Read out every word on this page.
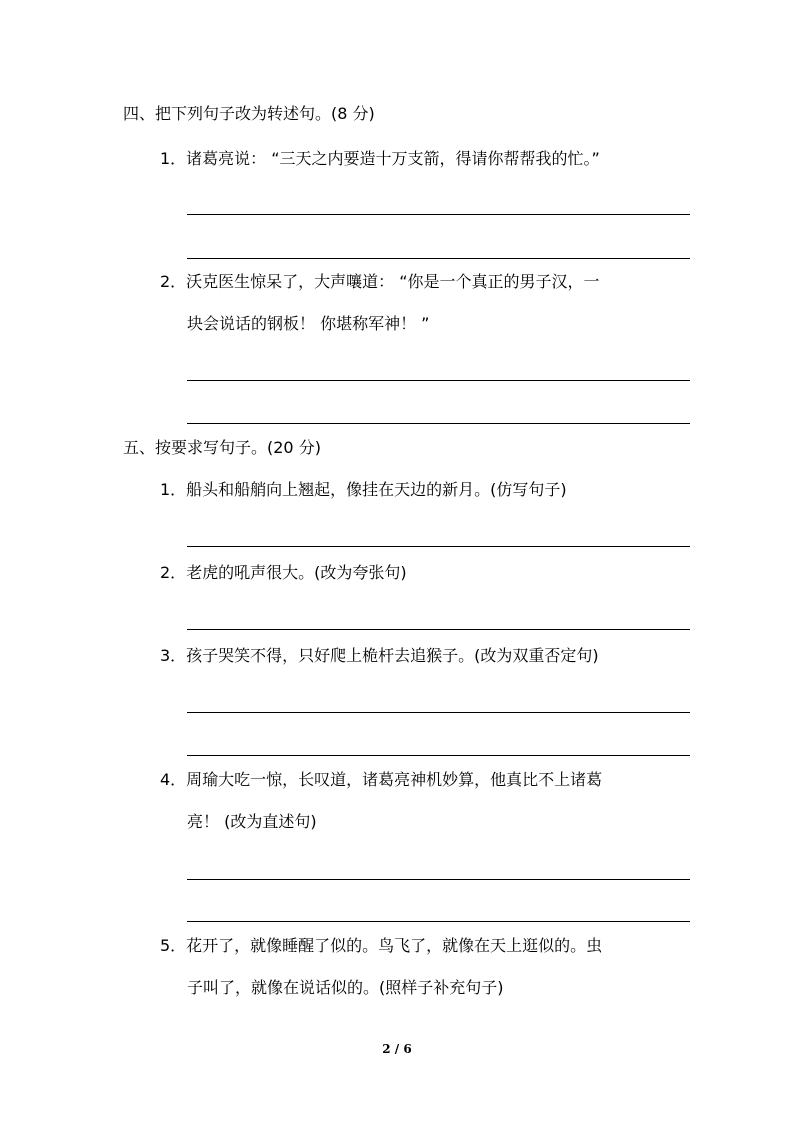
四、把下列句子改为转述句。(8 分)
1．诸葛亮说： “三天之内要造十万支箭，得请你帮帮我的忙。”
2．沃克医生惊呆了，大声嚷道： “你是一个真正的男子汉，一
块会说话的钢板！ 你堪称军神！ ”
五、按要求写句子。(20 分)
1．船头和船艄向上翘起，像挂在天边的新月。(仿写句子)
2．老虎的吼声很大。(改为夸张句)
3．孩子哭笑不得，只好爬上桅杆去追猴子。(改为双重否定句)
4．周瑜大吃一惊，长叹道，诸葛亮神机妙算，他真比不上诸葛
亮！ (改为直述句)
5．花开了，就像睡醒了似的。鸟飞了，就像在天上逛似的。虫
子叫了，就像在说话似的。(照样子补充句子)
2 / 6
